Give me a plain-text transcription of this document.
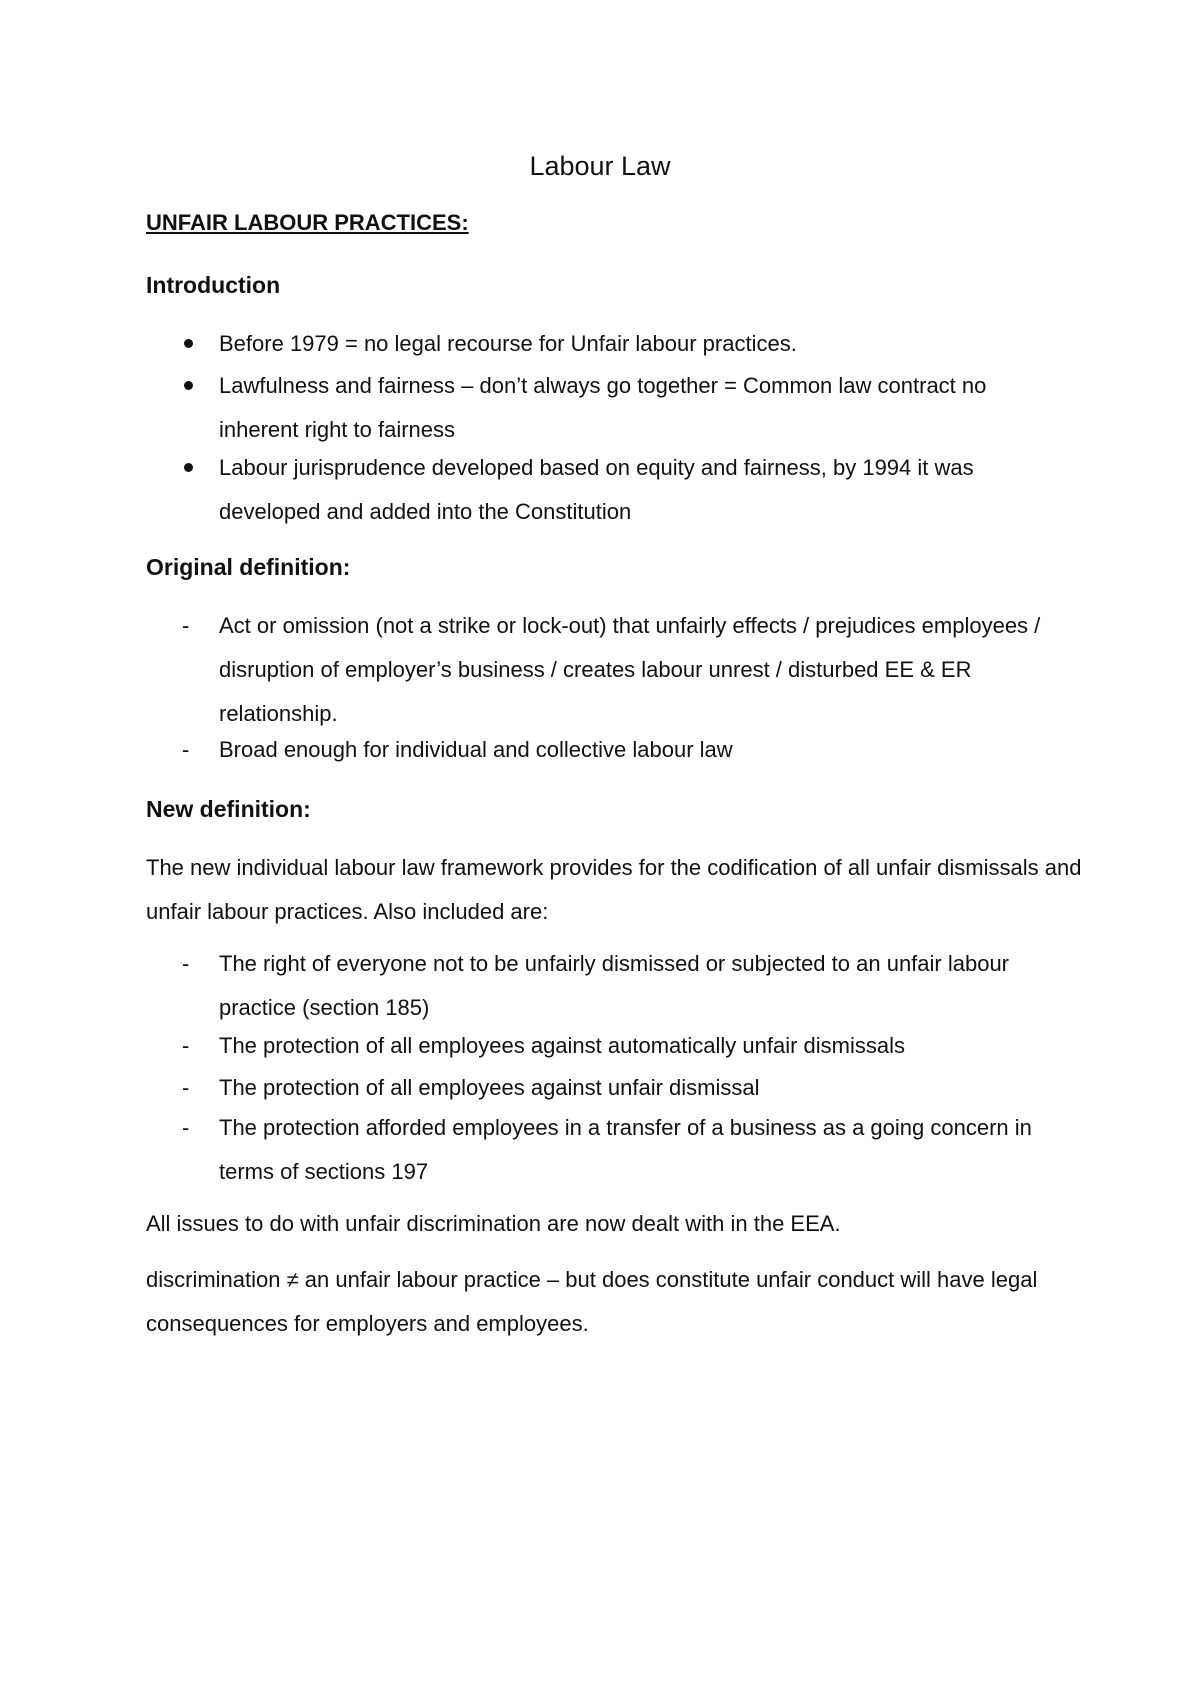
Labour Law
UNFAIR LABOUR PRACTICES:
Introduction
Before 1979 = no legal recourse for Unfair labour practices.
Lawfulness and fairness – don’t always go together = Common law contract no inherent right to fairness
Labour jurisprudence developed based on equity and fairness, by 1994 it was developed and added into the Constitution
Original definition:
-	Act or omission (not a strike or lock-out) that unfairly effects / prejudices employees / disruption of employer’s business / creates labour unrest / disturbed EE & ER relationship.
-	Broad enough for individual and collective labour law
New definition:
The new individual labour law framework provides for the codification of all unfair dismissals and unfair labour practices. Also included are:
-	The right of everyone not to be unfairly dismissed or subjected to an unfair labour practice (section 185)
-	The protection of all employees against automatically unfair dismissals
-	The protection of all employees against unfair dismissal
-	The protection afforded employees in a transfer of a business as a going concern in terms of sections 197
All issues to do with unfair discrimination are now dealt with in the EEA.
discrimination ≠ an unfair labour practice – but does constitute unfair conduct will have legal consequences for employers and employees.
